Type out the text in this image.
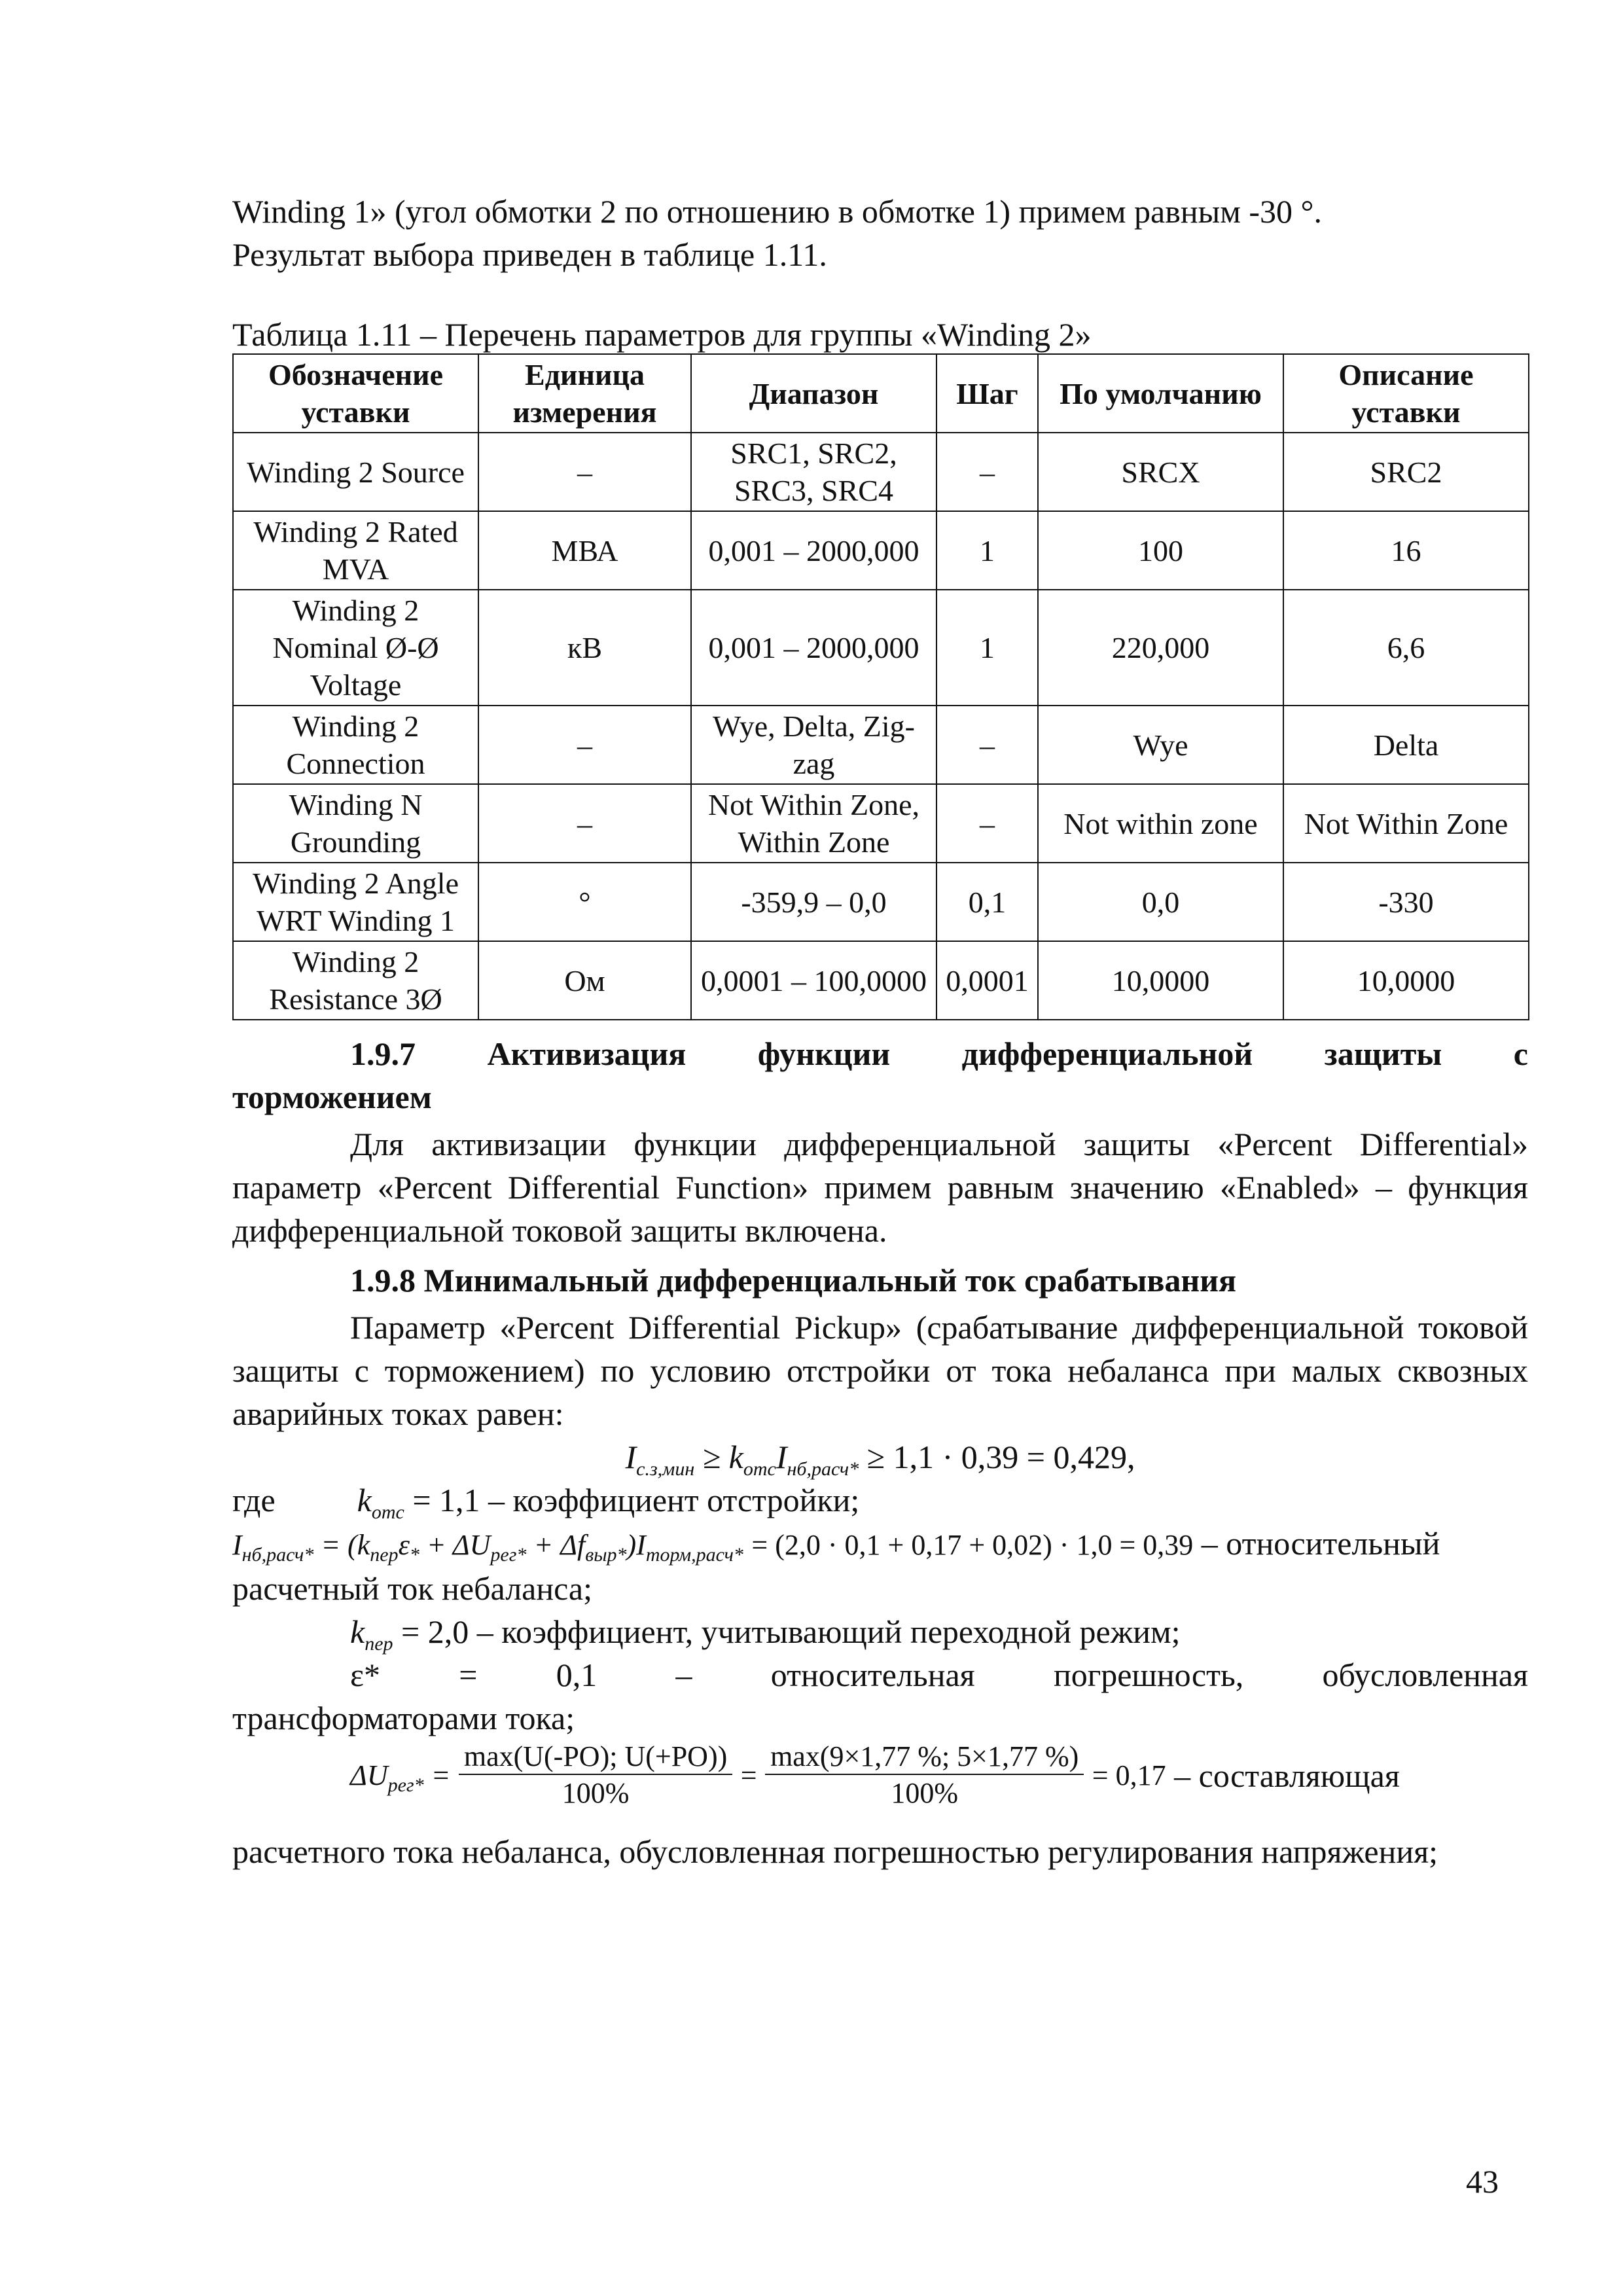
Winding 1» (угол обмотки 2 по отношению в обмотке 1) примем равным -30 °.

Результат выбора приведен в таблице 1.11.

Таблица 1.11 – Перечень параметров для группы «Winding 2»

Обозначение уставки	Единица измерения	Диапазон	Шаг	По умолчанию	Описание уставки
Winding 2 Source	–	SRC1, SRC2, SRC3, SRC4	–	SRCX	SRC2
Winding 2 Rated MVA	МВА	0,001 – 2000,000	1	100	16
Winding 2 Nominal Ø-Ø Voltage	кВ	0,001 – 2000,000	1	220,000	6,6
Winding 2 Connection	–	Wye, Delta, Zig-zag	–	Wye	Delta
Winding N Grounding	–	Not Within Zone, Within Zone	–	Not within zone	Not Within Zone
Winding 2 Angle WRT Winding 1	°	-359,9 – 0,0	0,1	0,0	-330
Winding 2 Resistance 3Ø	Ом	0,0001 – 100,0000	0,0001	10,0000	10,0000

1.9.7 Активизация функции дифференциальной защиты с

торможением

Для активизации функции дифференциальной защиты «Percent Differential» параметр «Percent Differential Function» примем равным значению «Enabled» – функция дифференциальной токовой защиты включена.

1.9.8 Минимальный дифференциальный ток срабатывания

Параметр «Percent Differential Pickup» (срабатывание дифференциальной токовой защиты с торможением) по условию отстройки от тока небаланса при малых сквозных аварийных токах равен:

$I_{с.з,мин} \ge k_{отс}I_{нб,расч*} \ge 1,1 \cdot 0,39 = 0,429$,

где	$k_{отс} = 1,1$ – коэффициент отстройки;

$I_{нб,расч*} = (k_{пер}\varepsilon_* + \Delta U_{рег*} + \Delta f_{выр*})I_{торм,расч*} = (2,0 \cdot 0,1 + 0,17 + 0,02) \cdot 1,0 = 0,39$ – относительный

расчетный ток небаланса;

$k_{пер} = 2,0$ – коэффициент, учитывающий переходной режим;

ε* = 0,1 – относительная погрешность, обусловленная

трансформаторами тока;

$\Delta U_{рег*} = \frac{\max(U(-PO); U(+PO))}{100\%} = \frac{\max(9\times 1,77 \%; 5\times 1,77 \%)}{100\%} = 0,17$ – составляющая

расчетного тока небаланса, обусловленная погрешностью регулирования напряжения;

43
